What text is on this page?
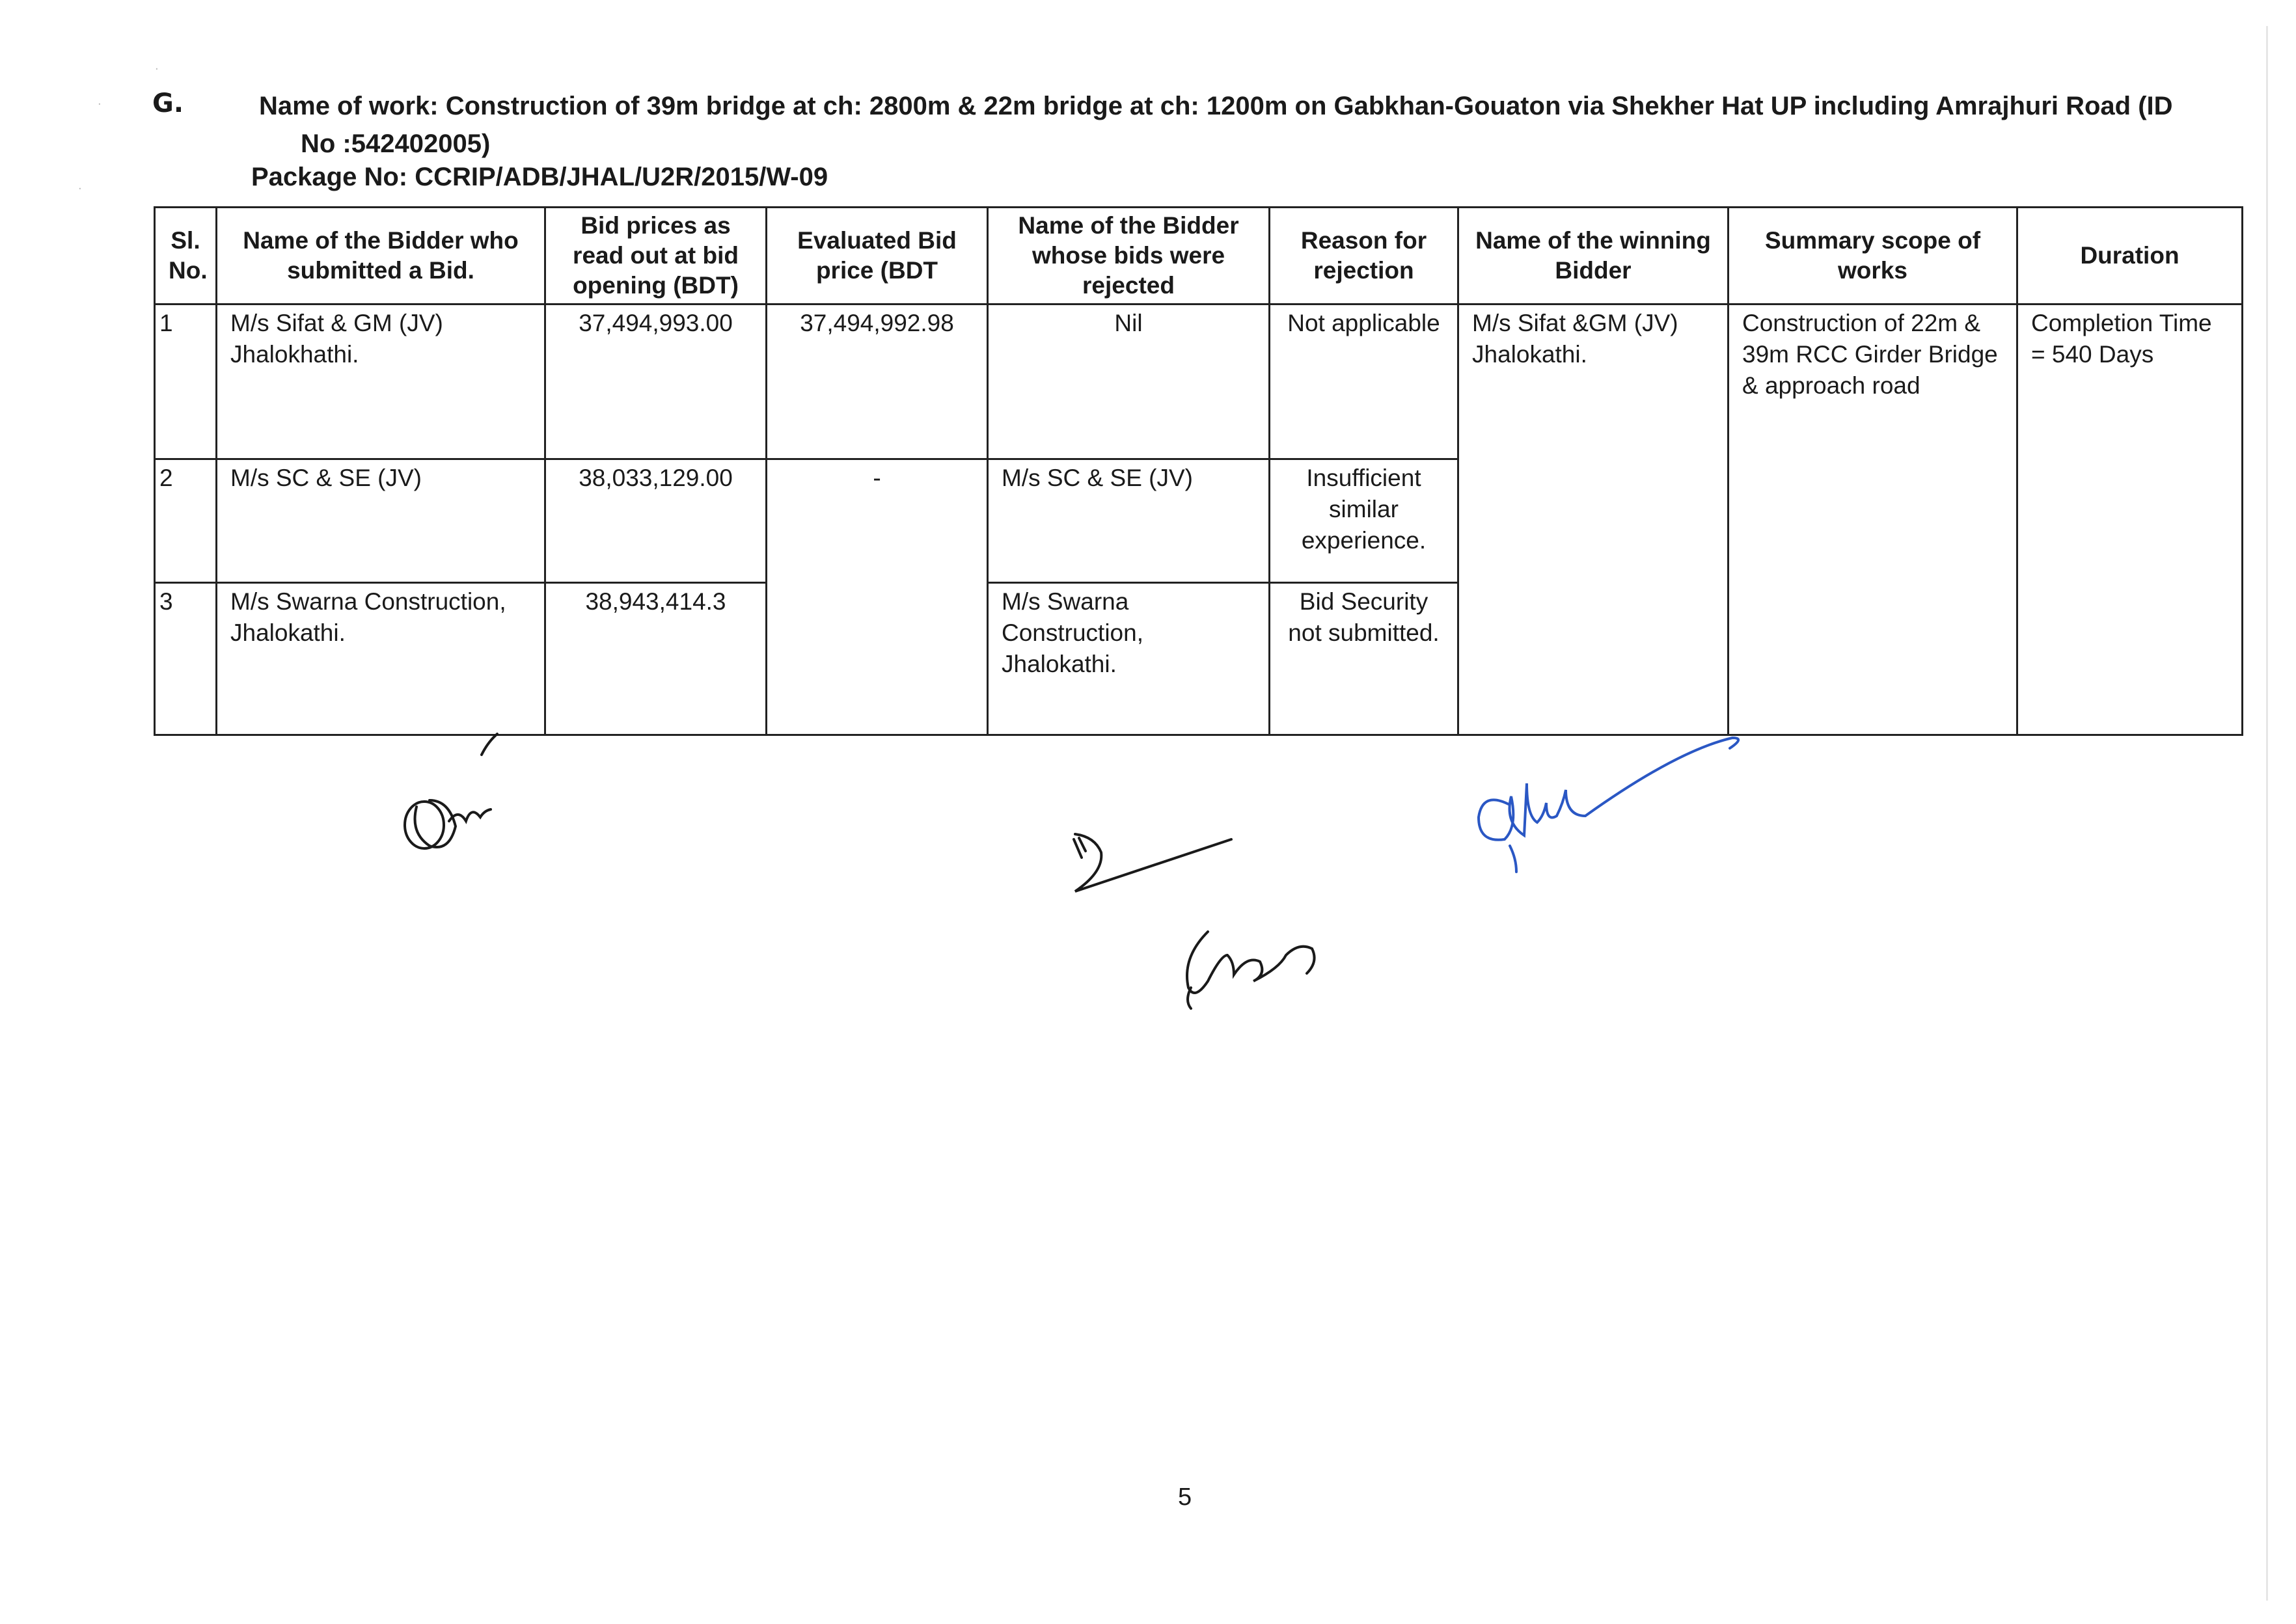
·
·
·
G.	Name of work: Construction of 39m bridge at ch: 2800m & 22m bridge at ch: 1200m on Gabkhan-Gouaton via Shekher Hat UP including Amrajhuri Road (ID
No :542402005)
Package No: CCRIP/ADB/JHAL/U2R/2015/W-09
Sl. No.	Name of the Bidder who submitted a Bid.	Bid prices as read out at bid opening (BDT)	Evaluated Bid price (BDT	Name of the Bidder whose bids were rejected	Reason for rejection	Name of the winning Bidder	Summary scope of works	Duration
1	M/s Sifat & GM (JV) Jhalokhathi.	37,494,993.00	37,494,992.98	Nil	Not applicable	M/s Sifat &GM (JV) Jhalokathi.	Construction of 22m & 39m RCC Girder Bridge & approach road	Completion Time = 540 Days
2	M/s SC & SE (JV)	38,033,129.00	-	M/s SC & SE (JV)	Insufficient similar experience.			
3	M/s Swarna Construction, Jhalokathi.	38,943,414.3		M/s Swarna Construction, Jhalokathi.	Bid Security not submitted.			
5
